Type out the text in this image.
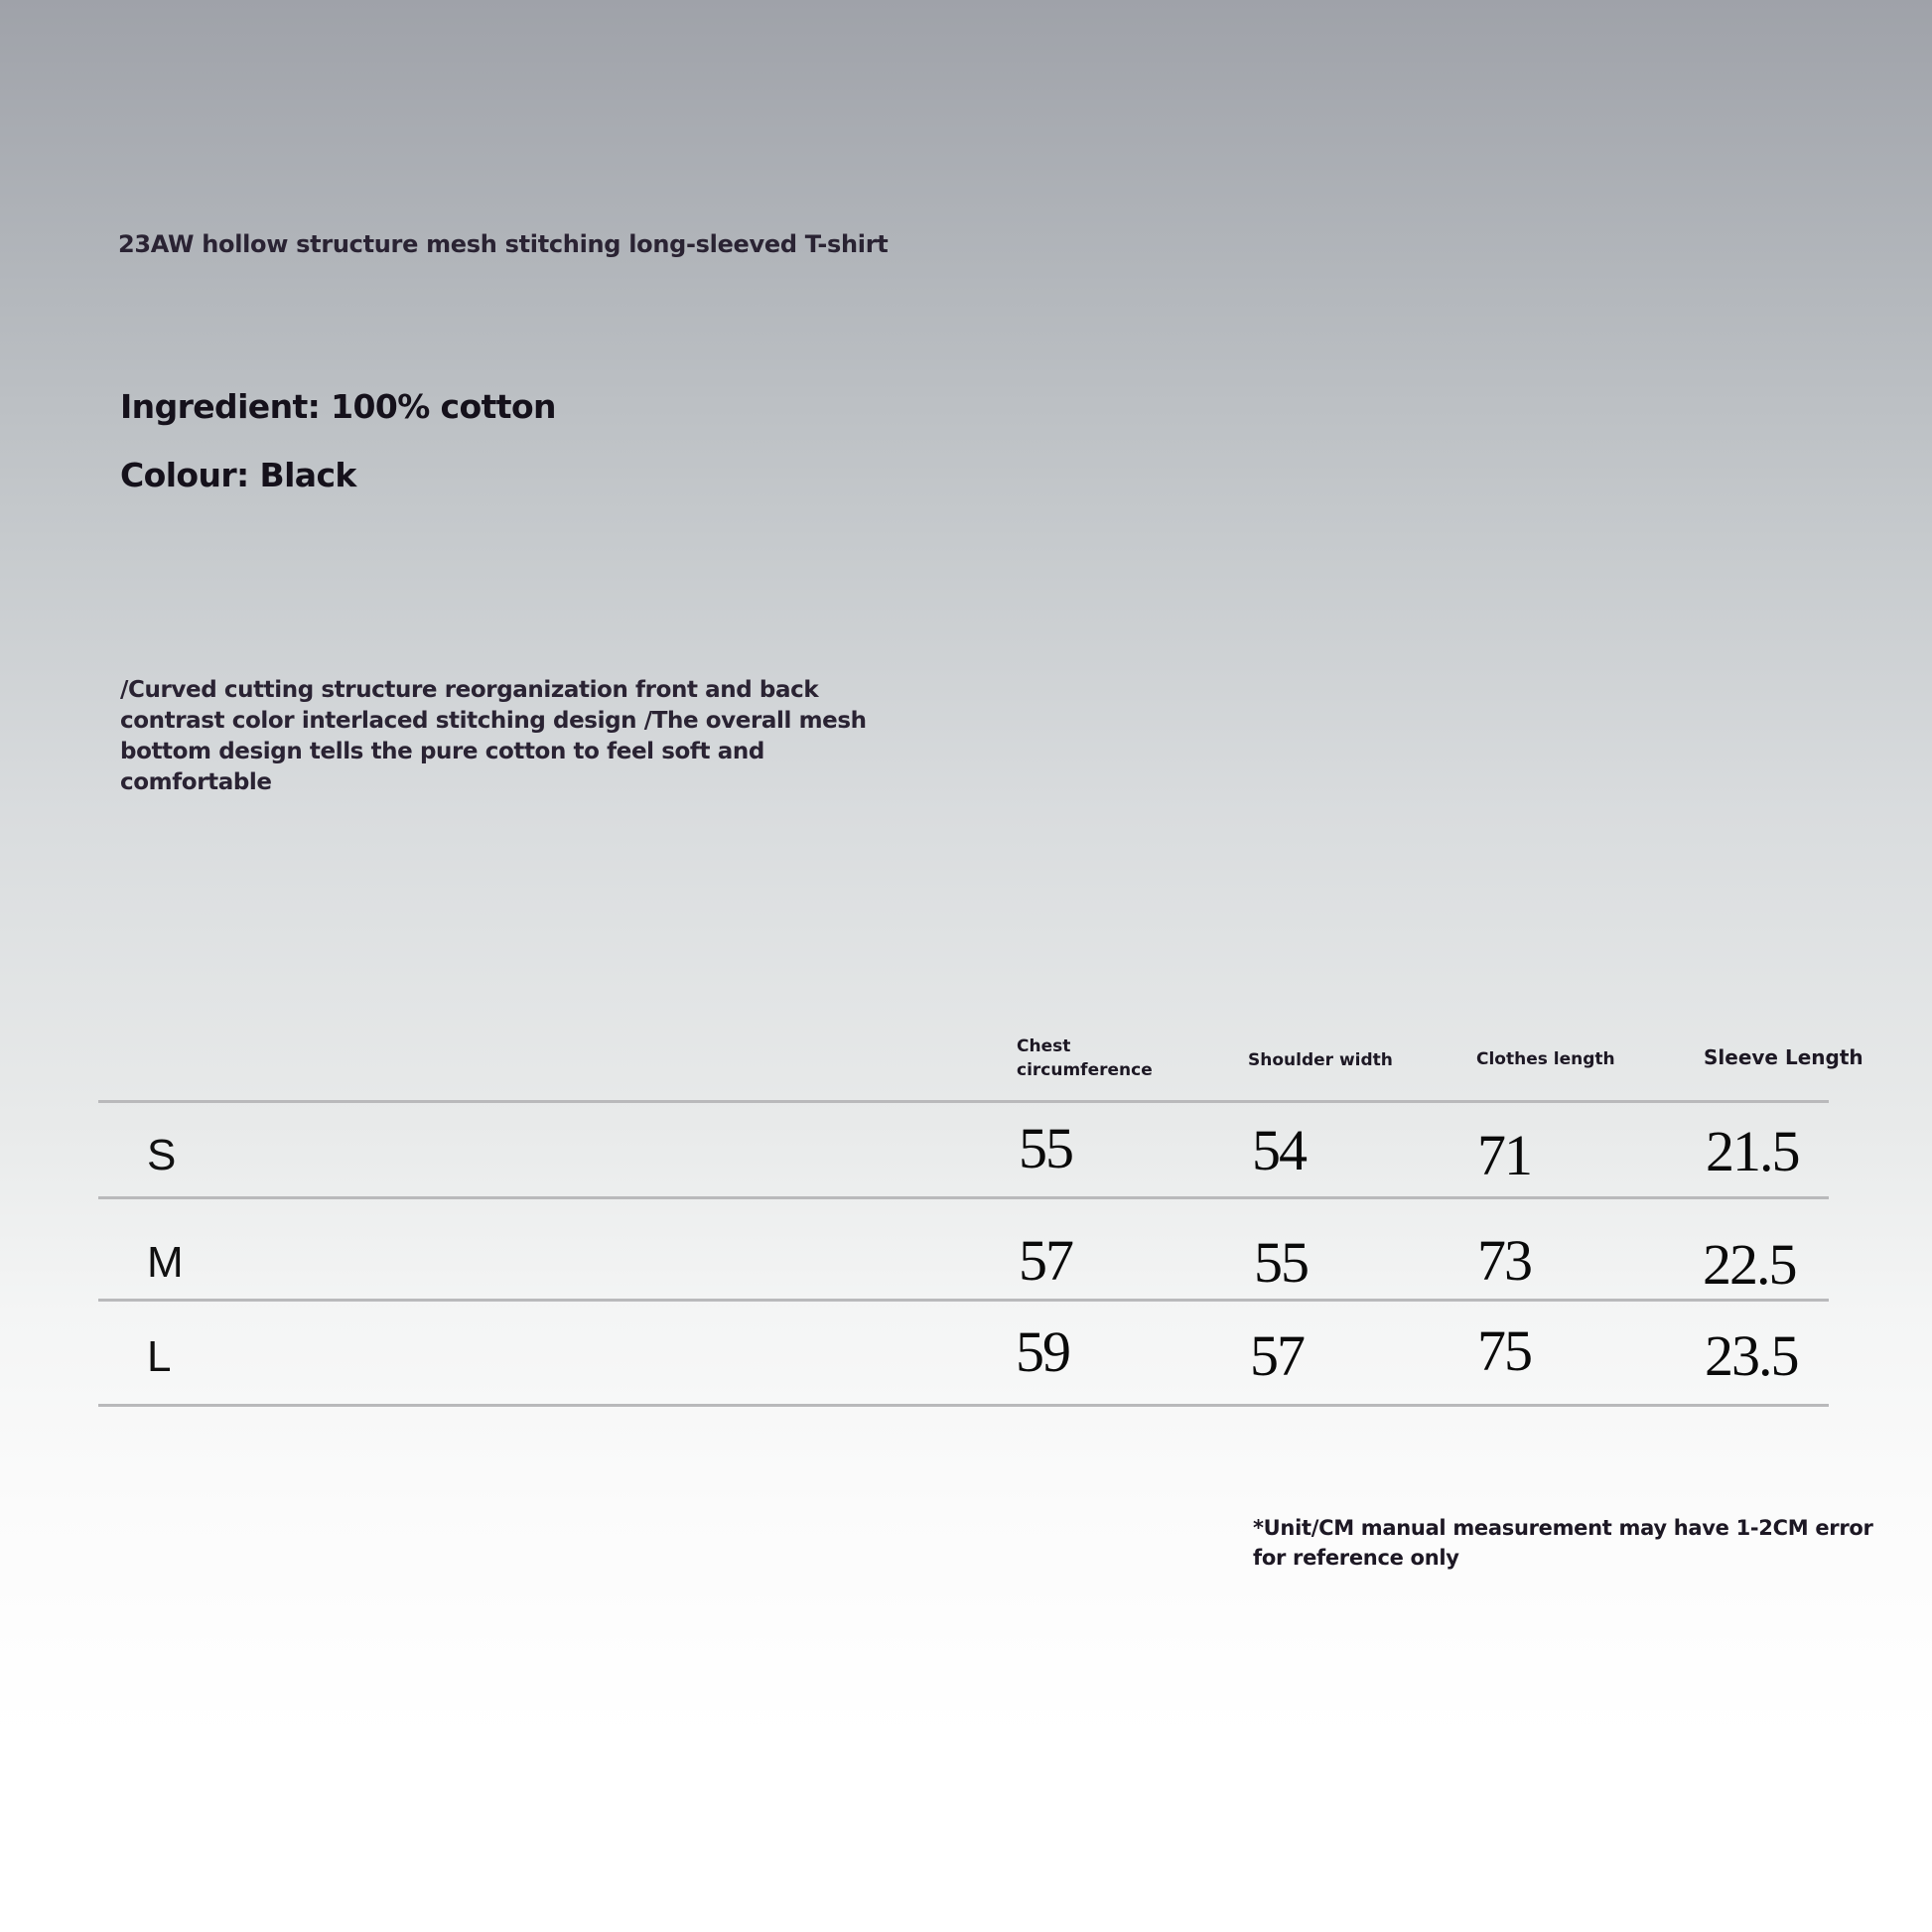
23AW hollow structure mesh stitching long-sleeved T-shirt
Ingredient: 100% cotton
Colour: Black
/Curved cutting structure reorganization front and back contrast color interlaced stitching design /The overall mesh bottom design tells the pure cotton to feel soft and comfortable
Chest
circumference	Shoulder width	Clothes length	Sleeve Length
S	55	54	71	21.5
M	57	55	73	22.5
L	59	57	75	23.5
*Unit/CM manual measurement may have 1-2CM error for reference only
